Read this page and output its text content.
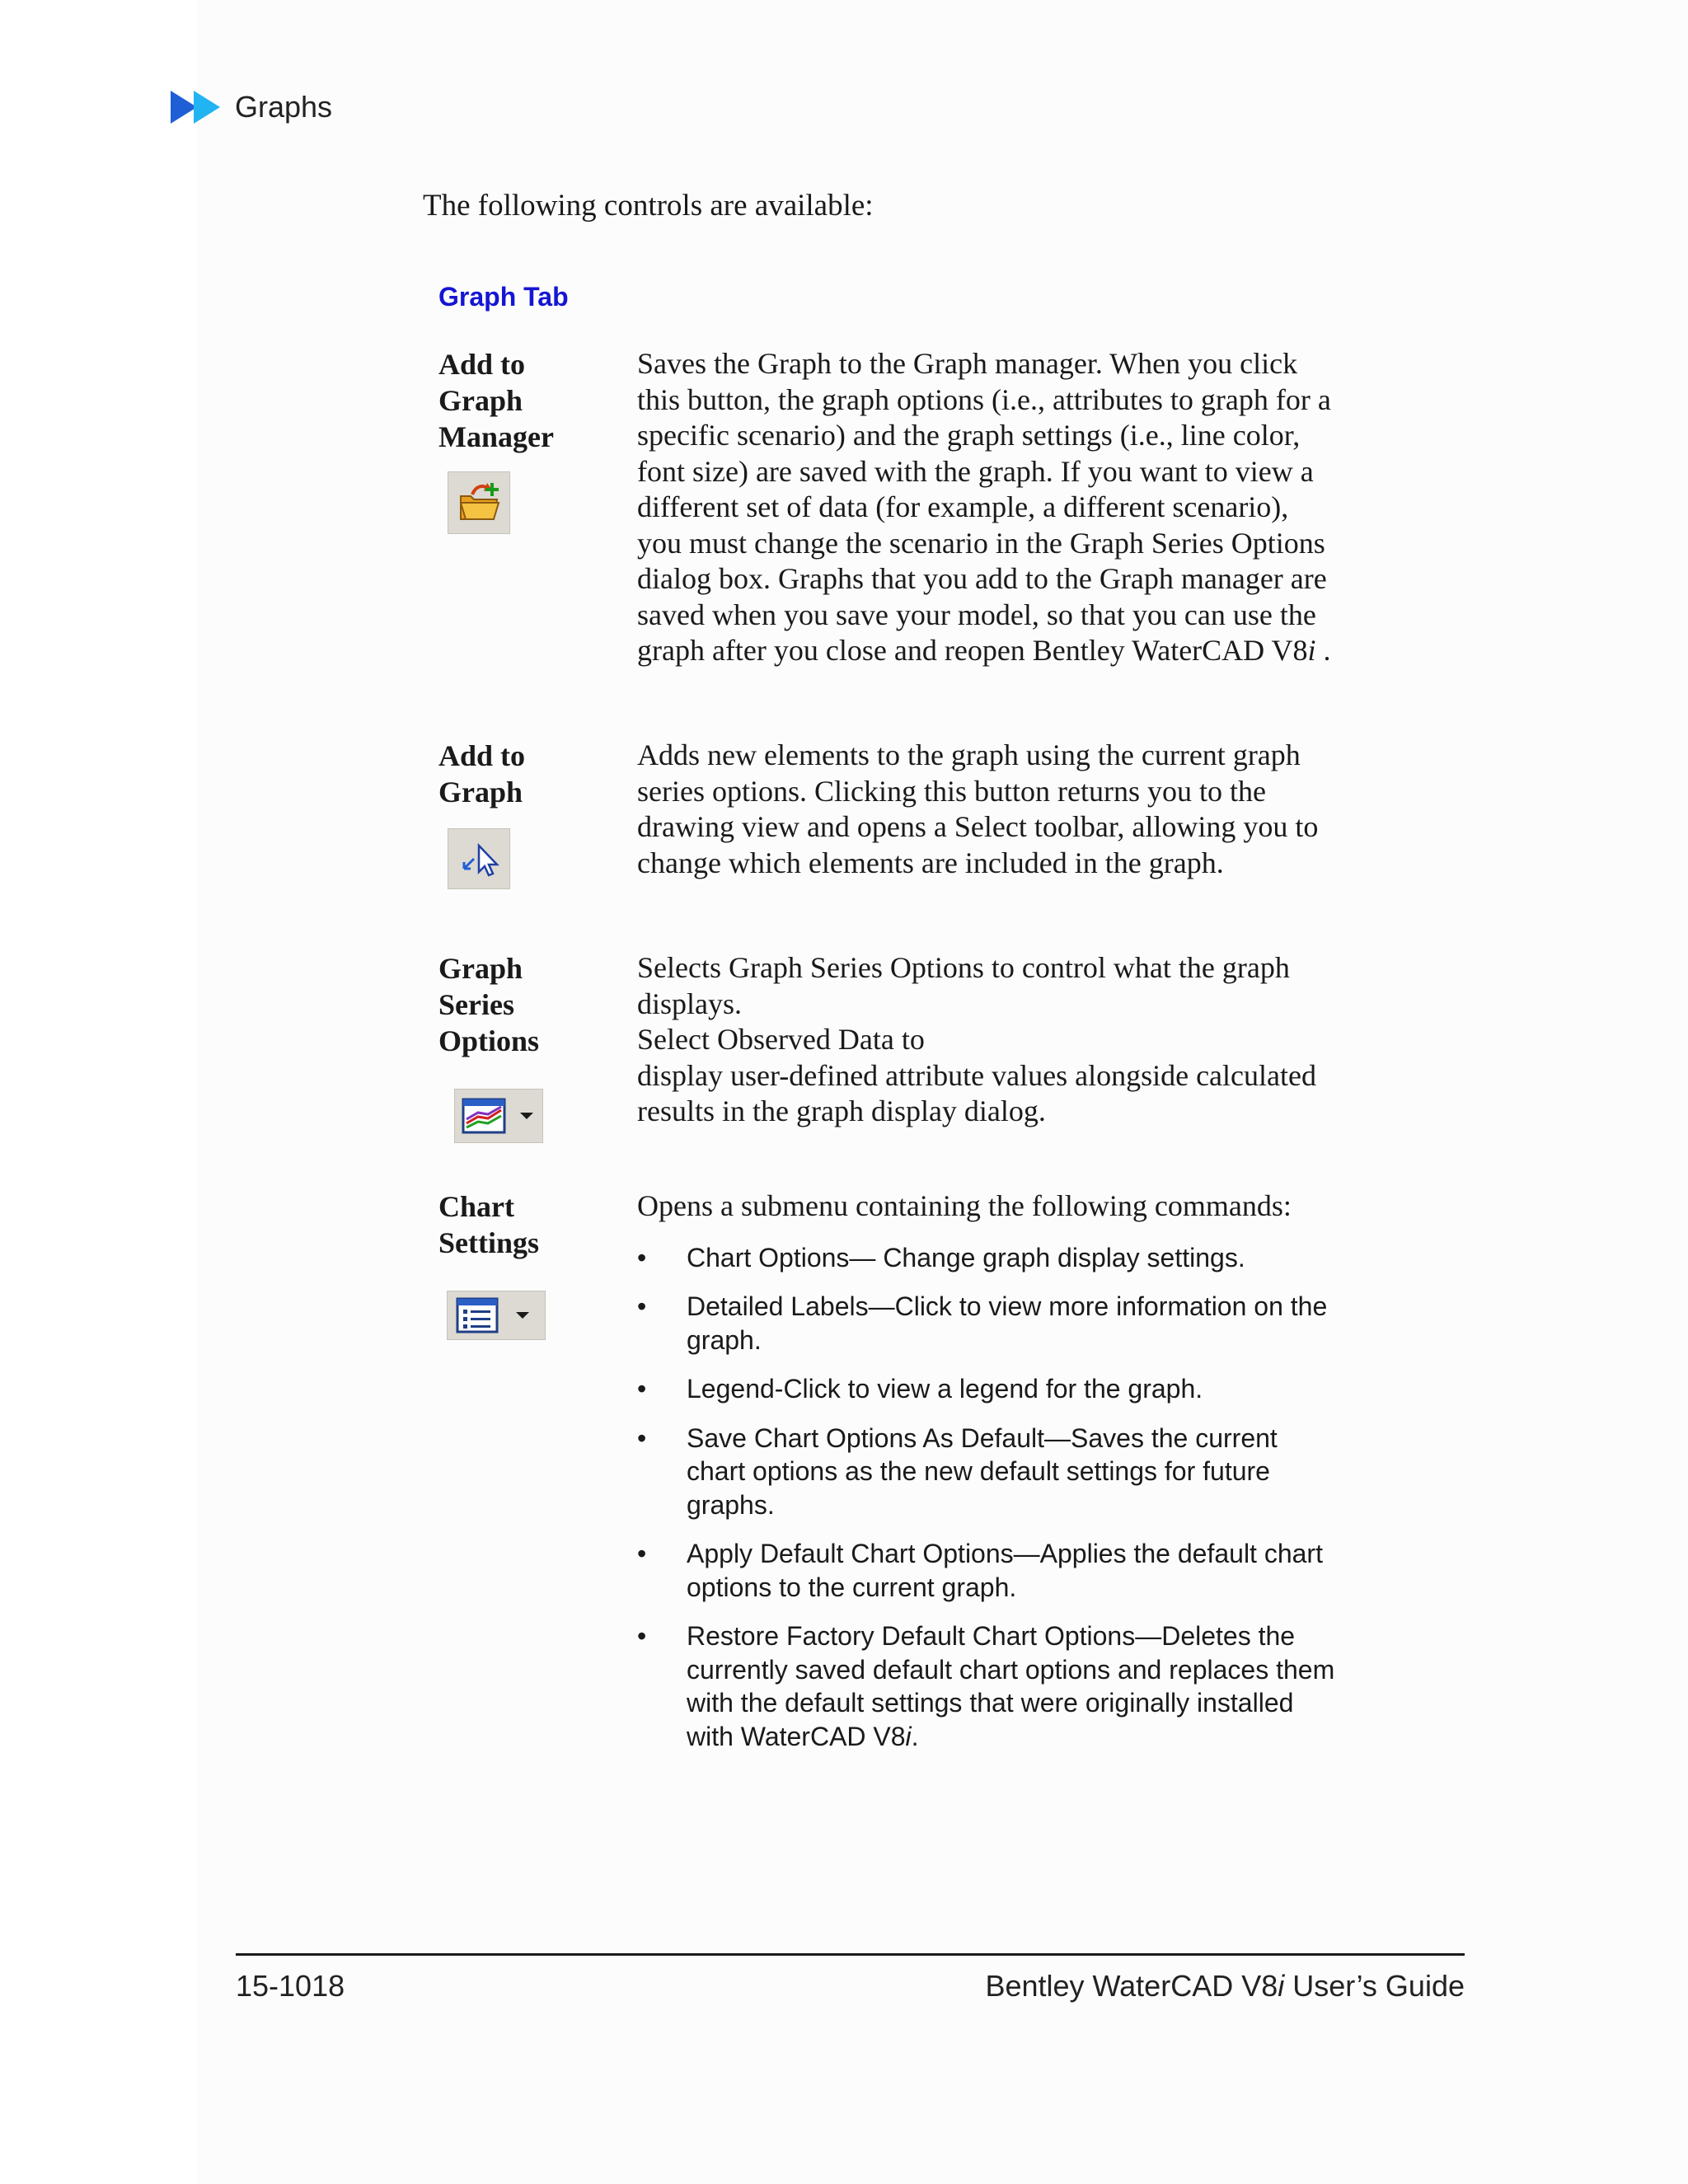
Graphs
The following controls are available:
Graph Tab
Add to
Graph
Manager
Saves the Graph to the Graph manager. When you click this button, the graph options (i.e., attributes to graph for a specific scenario) and the graph settings (i.e., line color, font size) are saved with the graph. If you want to view a different set of data (for example, a different scenario), you must change the scenario in the Graph Series Options dialog box. Graphs that you add to the Graph manager are saved when you save your model, so that you can use the graph after you close and reopen Bentley WaterCAD V8i .
Add to
Graph
Adds new elements to the graph using the current graph series options. Clicking this button returns you to the drawing view and opens a Select toolbar, allowing you to change which elements are included in the graph.
Graph
Series
Options
Selects Graph Series Options to control what the graph displays.
Select Observed Data to
display user-defined attribute values alongside calculated results in the graph display dialog.
Chart
Settings
Opens a submenu containing the following commands:
• Chart Options— Change graph display settings.
• Detailed Labels—Click to view more information on the graph.
• Legend-Click to view a legend for the graph.
• Save Chart Options As Default—Saves the current chart options as the new default settings for future graphs.
• Apply Default Chart Options—Applies the default chart options to the current graph.
• Restore Factory Default Chart Options—Deletes the currently saved default chart options and replaces them with the default settings that were originally installed with WaterCAD V8i.
15-1018	Bentley WaterCAD V8i User’s Guide
